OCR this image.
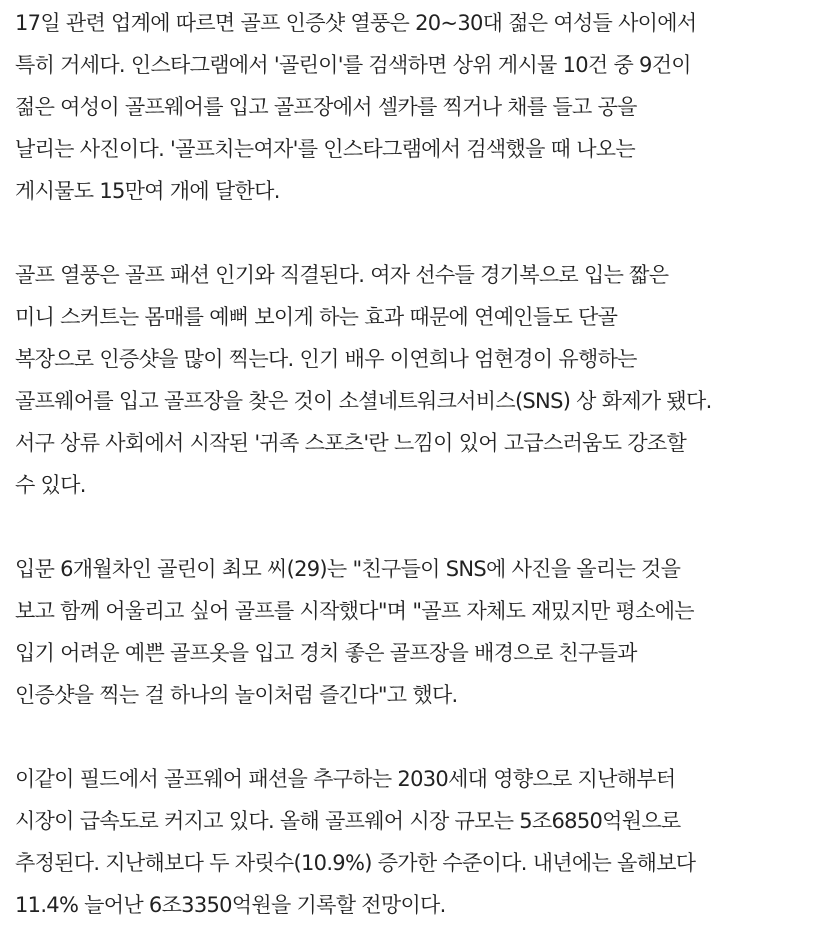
17일 관련 업계에 따르면 골프 인증샷 열풍은 20~30대 젊은 여성들 사이에서
특히 거세다. 인스타그램에서 '골린이'를 검색하면 상위 게시물 10건 중 9건이
젊은 여성이 골프웨어를 입고 골프장에서 셀카를 찍거나 채를 들고 공을
날리는 사진이다. '골프치는여자'를 인스타그램에서 검색했을 때 나오는
게시물도 15만여 개에 달한다.
골프 열풍은 골프 패션 인기와 직결된다. 여자 선수들 경기복으로 입는 짧은
미니 스커트는 몸매를 예뻐 보이게 하는 효과 때문에 연예인들도 단골
복장으로 인증샷을 많이 찍는다. 인기 배우 이연희나 엄현경이 유행하는
골프웨어를 입고 골프장을 찾은 것이 소셜네트워크서비스(SNS) 상 화제가 됐다.
서구 상류 사회에서 시작된 '귀족 스포츠'란 느낌이 있어 고급스러움도 강조할
수 있다.
입문 6개월차인 골린이 최모 씨(29)는 "친구들이 SNS에 사진을 올리는 것을
보고 함께 어울리고 싶어 골프를 시작했다"며 "골프 자체도 재밌지만 평소에는
입기 어려운 예쁜 골프옷을 입고 경치 좋은 골프장을 배경으로 친구들과
인증샷을 찍는 걸 하나의 놀이처럼 즐긴다"고 했다.
이같이 필드에서 골프웨어 패션을 추구하는 2030세대 영향으로 지난해부터
시장이 급속도로 커지고 있다. 올해 골프웨어 시장 규모는 5조6850억원으로
추정된다. 지난해보다 두 자릿수(10.9%) 증가한 수준이다. 내년에는 올해보다
11.4% 늘어난 6조3350억원을 기록할 전망이다.
